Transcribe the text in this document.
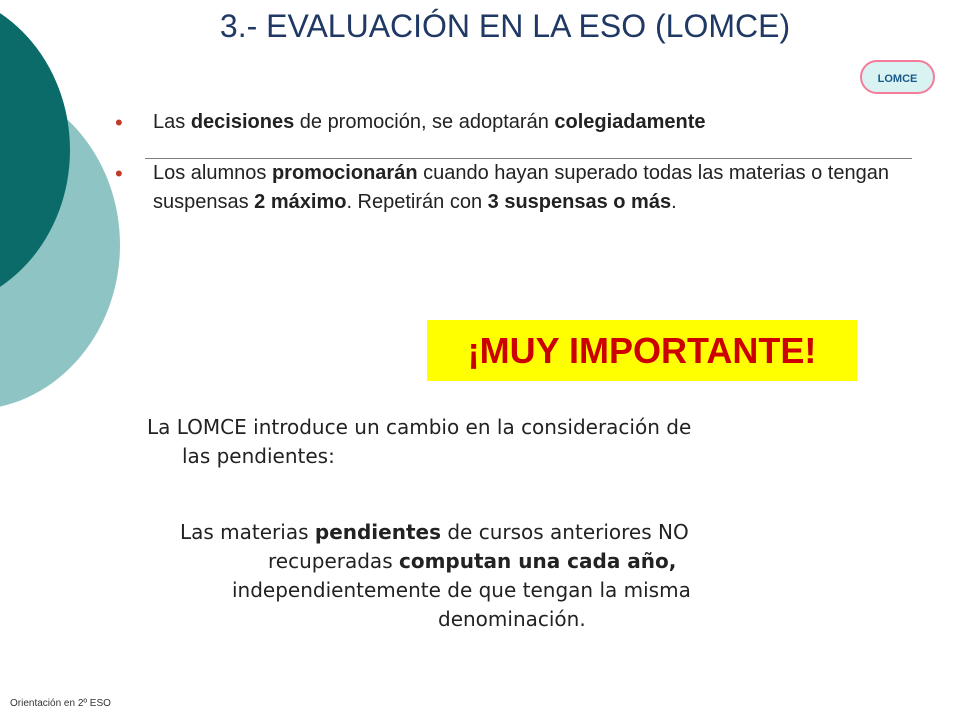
3.- EVALUACIÓN EN LA ESO (LOMCE)
LOMCE
• Las decisiones de promoción, se adoptarán colegiadamente
• Los alumnos promocionarán cuando hayan superado todas las materias o tengan suspensas 2 máximo. Repetirán con 3 suspensas o más.
¡MUY IMPORTANTE!
La LOMCE introduce un cambio en la consideración de
las pendientes:
Las materias pendientes de cursos anteriores NO
recuperadas computan una cada año,
independientemente de que tengan la misma
denominación.
Orientación en 2º ESO
